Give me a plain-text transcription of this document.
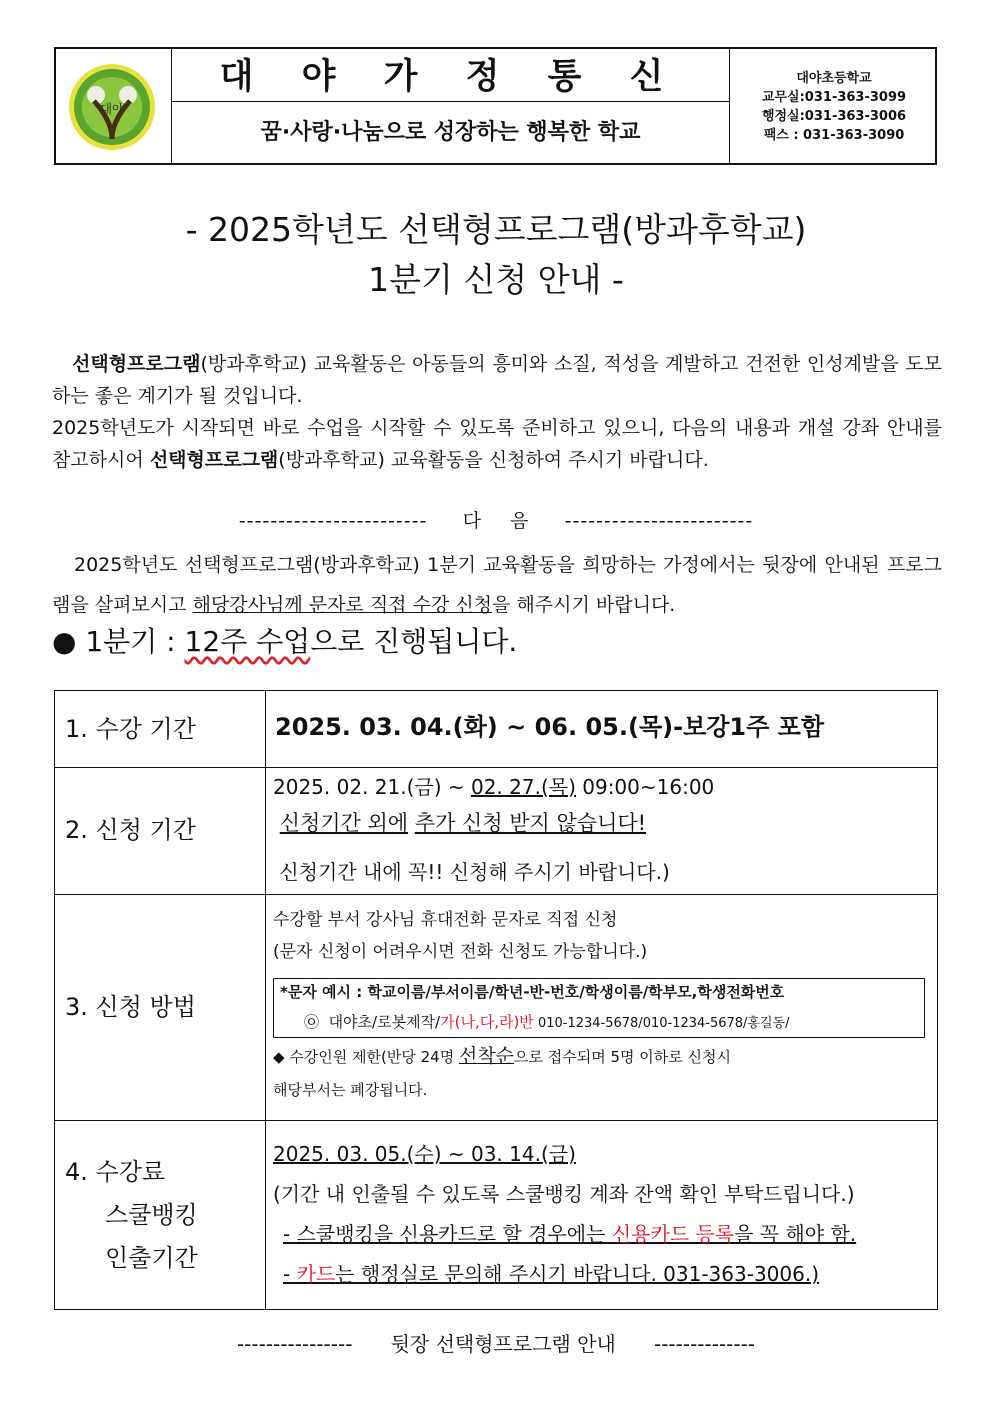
대야
대 야 가 정 통 신
꿈·사랑·나눔으로 성장하는 행복한 학교
대야초등학교
교무실:031-363-3099
행정실:031-363-3006
팩스 : 031-363-3090
- 2025학년도 선택형프로그램(방과후학교)
1분기 신청 안내 -
선택형프로그램(방과후학교) 교육활동은 아동들의 흥미와 소질, 적성을 계발하고 건전한 인성계발을 도모하는 좋은 계기가 될 것입니다.
2025학년도가 시작되면 바로 수업을 시작할 수 있도록 준비하고 있으니, 다음의 내용과 개설 강좌 안내를 참고하시어 선택형프로그램(방과후학교) 교육활동을 신청하여 주시기 바랍니다.
------------------------ 다    음 ------------------------
2025학년도 선택형프로그램(방과후학교) 1분기 교육활동을 희망하는 가정에서는 뒷장에 안내된 프로그램을 살펴보시고 해당강사님께 문자로 직접 수강 신청을 해주시기 바랍니다.
● 1분기 : 12주 수업으로 진행됩니다.
1. 수강 기간	2025. 03. 04.(화) ~ 06. 05.(목)-보강1주 포함
2. 신청 기간
2025. 02. 21.(금) ~ 02. 27.(목) 09:00~16:00
신청기간 외에 추가 신청 받지 않습니다!
신청기간 내에 꼭!! 신청해 주시기 바랍니다.)
3. 신청 방법
수강할 부서 강사님 휴대전화 문자로 직접 신청
(문자 신청이 어려우시면 전화 신청도 가능합니다.)
*문자 예시 : 학교이름/부서이름/학년-반-번호/학생이름/학부모,학생전화번호
㉧ 대야초/로봇제작/가(나,다,라)반 010-1234-5678/010-1234-5678/홍길동/
◆ 수강인원 제한(반당 24명 선착순으로 접수되며 5명 이하로 신청시
해당부서는 폐강됩니다.
4. 수강료
스쿨뱅킹
인출기간
2025. 03. 05.(수) ~ 03. 14.(금)
(기간 내 인출될 수 있도록 스쿨뱅킹 계좌 잔액 확인 부탁드립니다.)
- 스쿨뱅킹을 신용카드로 할 경우에는 신용카드 등록을 꼭 해야 함.
- 카드는 행정실로 문의해 주시기 바랍니다. 031-363-3006.)
---------------- 뒷장 선택형프로그램 안내 --------------
